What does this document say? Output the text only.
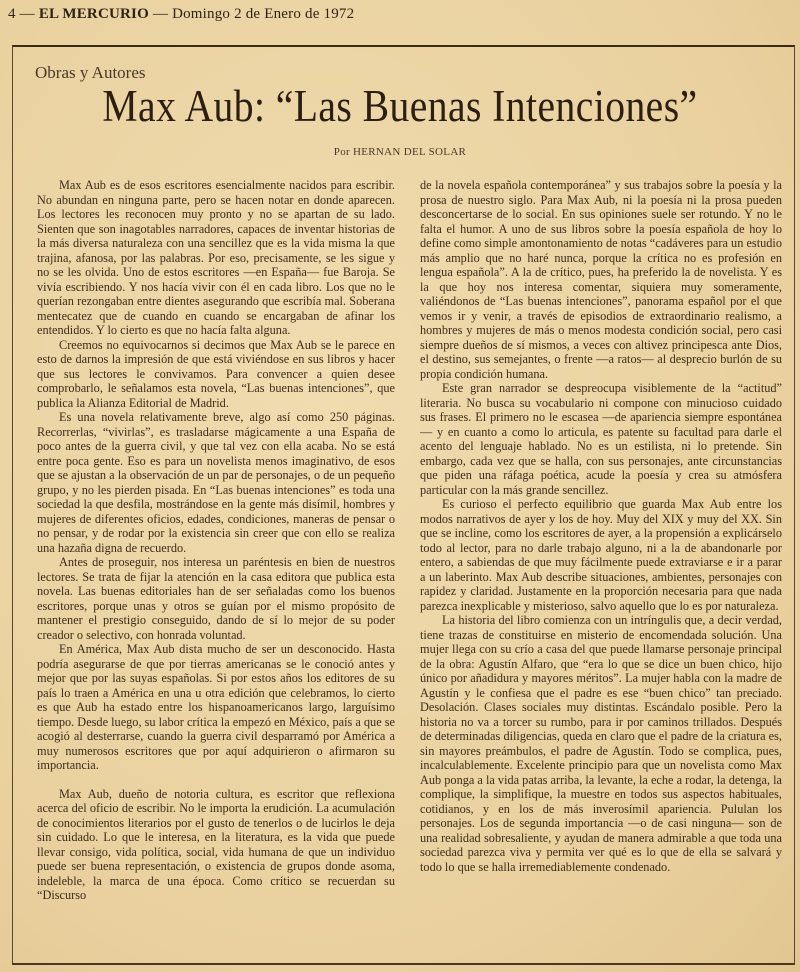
4 — EL MERCURIO — Domingo 2 de Enero de 1972
Obras y Autores
Max Aub: “Las Buenas Intenciones”
Por HERNAN DEL SOLAR

Max Aub es de esos escritores esencialmente nacidos para escribir. No abundan en ninguna parte, pero se hacen notar en donde aparecen. Los lectores les reconocen muy pronto y no se apartan de su lado. Sienten que son inagotables narradores, capaces de inventar historias de la más diversa naturaleza con una sencillez que es la vida misma la que trajina, afanosa, por las palabras. Por eso, precisamente, se les sigue y no se les olvida. Uno de estos escritores —en España— fue Baroja. Se vivía escribiendo. Y nos hacía vivir con él en cada libro. Los que no le querían rezongaban entre dientes asegurando que escribía mal. Soberana mentecatez que de cuando en cuando se encargaban de afinar los entendidos. Y lo cierto es que no hacía falta alguna.

Creemos no equivocarnos si decimos que Max Aub se le parece en esto de darnos la impresión de que está viviéndose en sus libros y hacer que sus lectores le convivamos. Para convencer a quien desee comprobarlo, le señalamos esta novela, “Las buenas intenciones”, que publica la Alianza Editorial de Madrid.

Es una novela relativamente breve, algo así como 250 páginas. Recorrerlas, “vivirlas”, es trasladarse mágicamente a una España de poco antes de la guerra civil, y que tal vez con ella acaba. No se está entre poca gente. Eso es para un novelista menos imaginativo, de esos que se ajustan a la observación de un par de personajes, o de un pequeño grupo, y no les pierden pisada. En “Las buenas intenciones” es toda una sociedad la que desfila, mostrándose en la gente más disímil, hombres y mujeres de diferentes oficios, edades, condiciones, maneras de pensar o no pensar, y de rodar por la existencia sin creer que con ello se realiza una hazaña digna de recuerdo.

Antes de proseguir, nos interesa un paréntesis en bien de nuestros lectores. Se trata de fijar la atención en la casa editora que publica esta novela. Las buenas editoriales han de ser señaladas como los buenos escritores, porque unas y otros se guían por el mismo propósito de mantener el prestigio conseguido, dando de sí lo mejor de su poder creador o selectivo, con honrada voluntad.

En América, Max Aub dista mucho de ser un desconocido. Hasta podría asegurarse de que por tierras americanas se le conoció antes y mejor que por las suyas españolas. Si por estos años los editores de su país lo traen a América en una u otra edición que celebramos, lo cierto es que Aub ha estado entre los hispanoamericanos largo, larguísimo tiempo. Desde luego, su labor crítica la empezó en México, país a que se acogió al desterrarse, cuando la guerra civil desparramó por América a muy numerosos escritores que por aquí adquirieron o afirmaron su importancia.

Max Aub, dueño de notoria cultura, es escritor que reflexiona acerca del oficio de escribir. No le importa la erudición. La acumulación de conocimientos literarios por el gusto de tenerlos o de lucirlos le deja sin cuidado. Lo que le interesa, en la literatura, es la vida que puede llevar consigo, vida política, social, vida humana de que un individuo puede ser buena representación, o existencia de grupos donde asoma, indeleble, la marca de una época. Como crítico se recuerdan su “Discurso

de la novela española contemporánea” y sus trabajos sobre la poesía y la prosa de nuestro siglo. Para Max Aub, ni la poesía ni la prosa pueden desconcertarse de lo social. En sus opiniones suele ser rotundo. Y no le falta el humor. A uno de sus libros sobre la poesía española de hoy lo define como simple amontonamiento de notas “cadáveres para un estudio más amplio que no haré nunca, porque la crítica no es profesión en lengua española”. A la de crítico, pues, ha preferido la de novelista. Y es la que hoy nos interesa comentar, siquiera muy someramente, valiéndonos de “Las buenas intenciones”, panorama español por el que vemos ir y venir, a través de episodios de extraordinario realismo, a hombres y mujeres de más o menos modesta condición social, pero casi siempre dueños de sí mismos, a veces con altivez principesca ante Dios, el destino, sus semejantes, o frente —a ratos— al desprecio burlón de su propia condición humana.

Este gran narrador se despreocupa visiblemente de la “actitud” literaria. No busca su vocabulario ni compone con minucioso cuidado sus frases. El primero no le escasea —de apariencia siempre espontánea— y en cuanto a como lo articula, es patente su facultad para darle el acento del lenguaje hablado. No es un estilista, ni lo pretende. Sin embargo, cada vez que se halla, con sus personajes, ante circunstancias que piden una ráfaga poética, acude la poesía y crea su atmósfera particular con la más grande sencillez.

Es curioso el perfecto equilibrio que guarda Max Aub entre los modos narrativos de ayer y los de hoy. Muy del XIX y muy del XX. Sin que se incline, como los escritores de ayer, a la propensión a explicárselo todo al lector, para no darle trabajo alguno, ni a la de abandonarle por entero, a sabiendas de que muy fácilmente puede extraviarse e ir a parar a un laberinto. Max Aub describe situaciones, ambientes, personajes con rapidez y claridad. Justamente en la proporción necesaria para que nada parezca inexplicable y misterioso, salvo aquello que lo es por naturaleza.

La historia del libro comienza con un intríngulis que, a decir verdad, tiene trazas de constituirse en misterio de encomendada solución. Una mujer llega con su crío a casa del que puede llamarse personaje principal de la obra: Agustín Alfaro, que “era lo que se dice un buen chico, hijo único por añadidura y mayores méritos”. La mujer habla con la madre de Agustín y le confiesa que el padre es ese “buen chico” tan preciado. Desolación. Clases sociales muy distintas. Escándalo posible. Pero la historia no va a torcer su rumbo, para ir por caminos trillados. Después de determinadas diligencias, queda en claro que el padre de la criatura es, sin mayores preámbulos, el padre de Agustín. Todo se complica, pues, incalculablemente. Excelente principio para que un novelista como Max Aub ponga a la vida patas arriba, la levante, la eche a rodar, la detenga, la complique, la simplifique, la muestre en todos sus aspectos habituales, cotidianos, y en los de más inverosímil apariencia. Pululan los personajes. Los de segunda importancia —o de casi ninguna— son de una realidad sobresaliente, y ayudan de manera admirable a que toda una sociedad parezca viva y permita ver qué es lo que de ella se salvará y todo lo que se halla irremediablemente condenado.
